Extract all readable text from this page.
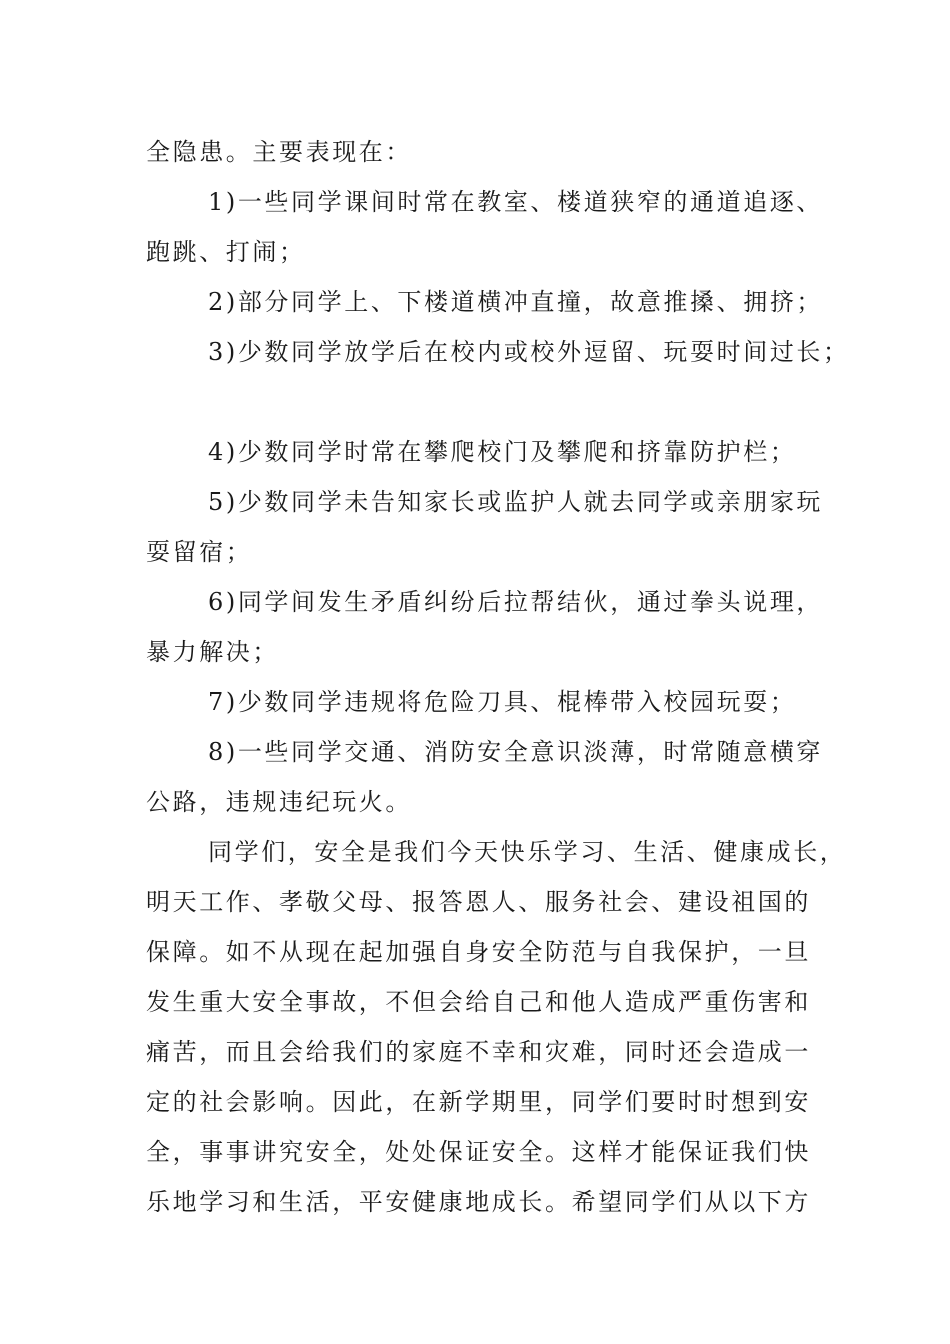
全隐患。主要表现在：
1)一些同学课间时常在教室、楼道狭窄的通道追逐、
跑跳、打闹；
2)部分同学上、下楼道横冲直撞，故意推搡、拥挤；
3)少数同学放学后在校内或校外逗留、玩耍时间过长；
4)少数同学时常在攀爬校门及攀爬和挤靠防护栏；
5)少数同学未告知家长或监护人就去同学或亲朋家玩
耍留宿；
6)同学间发生矛盾纠纷后拉帮结伙，通过拳头说理，
暴力解决；
7)少数同学违规将危险刀具、棍棒带入校园玩耍；
8)一些同学交通、消防安全意识淡薄，时常随意横穿
公路，违规违纪玩火。
同学们，安全是我们今天快乐学习、生活、健康成长，
明天工作、孝敬父母、报答恩人、服务社会、建设祖国的
保障。如不从现在起加强自身安全防范与自我保护，一旦
发生重大安全事故，不但会给自己和他人造成严重伤害和
痛苦，而且会给我们的家庭不幸和灾难，同时还会造成一
定的社会影响。因此，在新学期里，同学们要时时想到安
全，事事讲究安全，处处保证安全。这样才能保证我们快
乐地学习和生活，平安健康地成长。希望同学们从以下方
